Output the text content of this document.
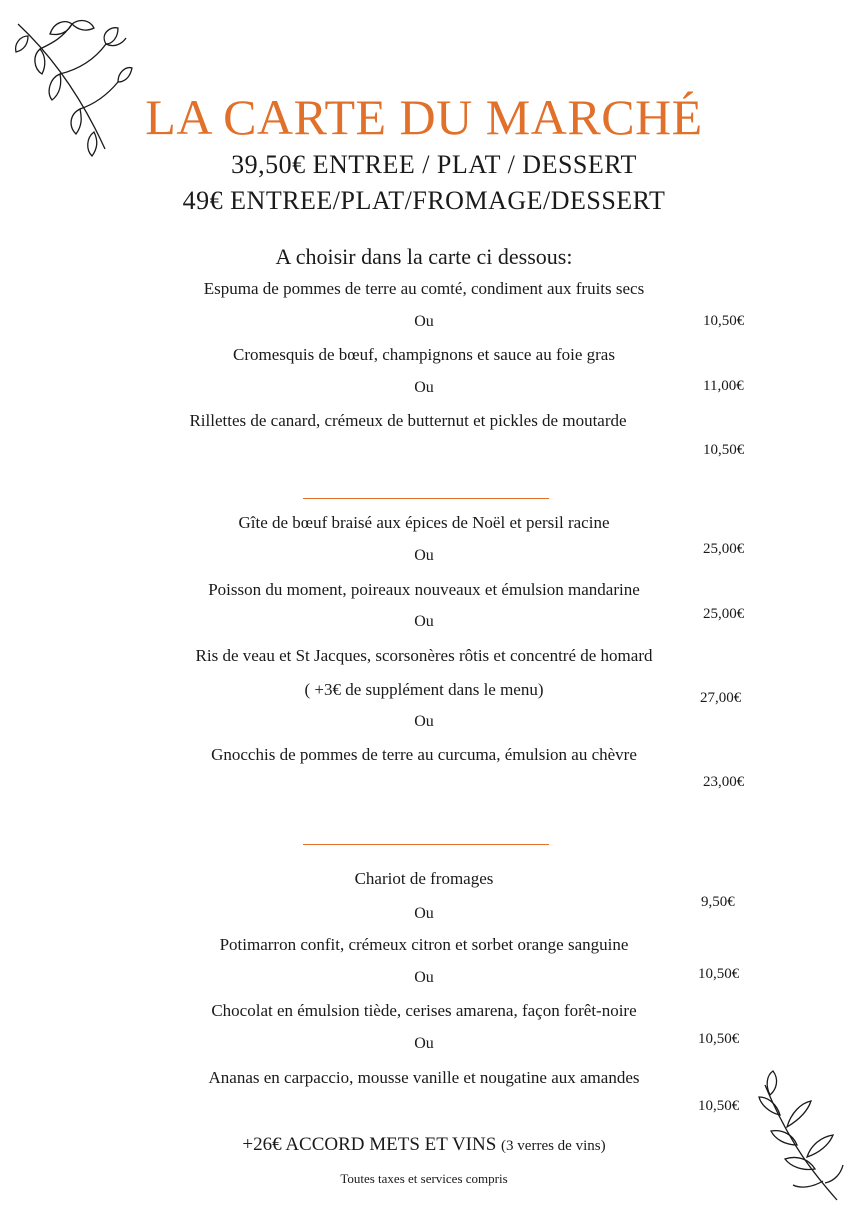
LA CARTE DU MARCHÉ
39,50€ ENTREE / PLAT / DESSERT
49€ ENTREE/PLAT/FROMAGE/DESSERT
A choisir dans la carte ci dessous:
Espuma de pommes de terre au comté, condiment aux fruits secs
Ou	10,50€
Cromesquis de bœuf, champignons et sauce au foie gras
Ou	11,00€
Rillettes de canard, crémeux de butternut et pickles de moutarde
10,50€
Gîte de bœuf braisé aux épices de Noël et persil racine
Ou	25,00€
Poisson du moment, poireaux nouveaux et émulsion mandarine
Ou	25,00€
Ris de veau et St Jacques, scorsonères rôtis et concentré de homard
( +3€ de supplément dans le menu)	27,00€
Ou
Gnocchis de pommes de terre au curcuma, émulsion au chèvre
23,00€
Chariot de fromages
9,50€
Ou
Potimarron confit, crémeux citron et sorbet orange sanguine
Ou	10,50€
Chocolat en émulsion tiède, cerises amarena, façon forêt-noire
Ou	10,50€
Ananas en carpaccio, mousse vanille et nougatine aux amandes
10,50€
+26€ ACCORD METS ET VINS (3 verres de vins)
Toutes taxes et services compris
